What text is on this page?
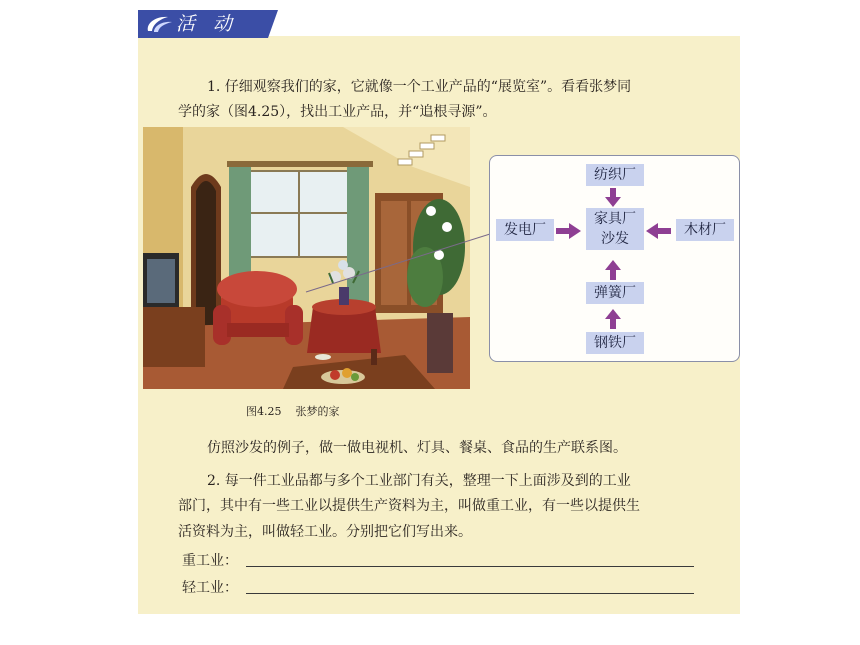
活 动
1. 仔细观察我们的家，它就像一个工业产品的“展览室”。看看张梦同
学的家（图4.25），找出工业产品，并“追根寻源”。
纺织厂
发电厂
家具厂
沙发
木材厂
弹簧厂
钢铁厂
图4.25 张梦的家
仿照沙发的例子，做一做电视机、灯具、餐桌、食品的生产联系图。
2. 每一件工业品都与多个工业部门有关，整理一下上面涉及到的工业
部门，其中有一些工业以提供生产资料为主，叫做重工业，有一些以提供生
活资料为主，叫做轻工业。分别把它们写出来。
重工业：
轻工业：
